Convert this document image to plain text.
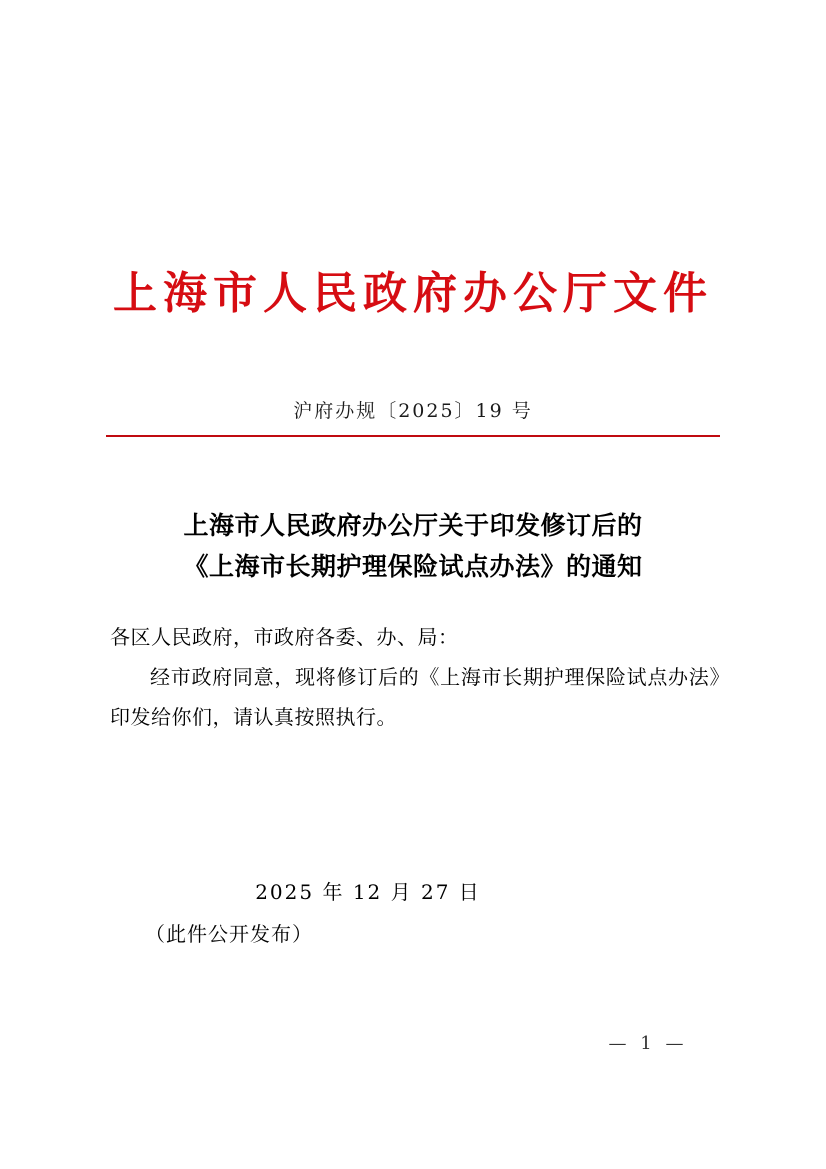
上海市人民政府办公厅文件
沪府办规〔2025〕19 号
上海市人民政府办公厅关于印发修订后的
《上海市长期护理保险试点办法》的通知
各区人民政府，市政府各委、办、局：
经市政府同意，现将修订后的《上海市长期护理保险试点办法》印发给你们，请认真按照执行。
2025 年 12 月 27 日
（此件公开发布）
— 1 —
